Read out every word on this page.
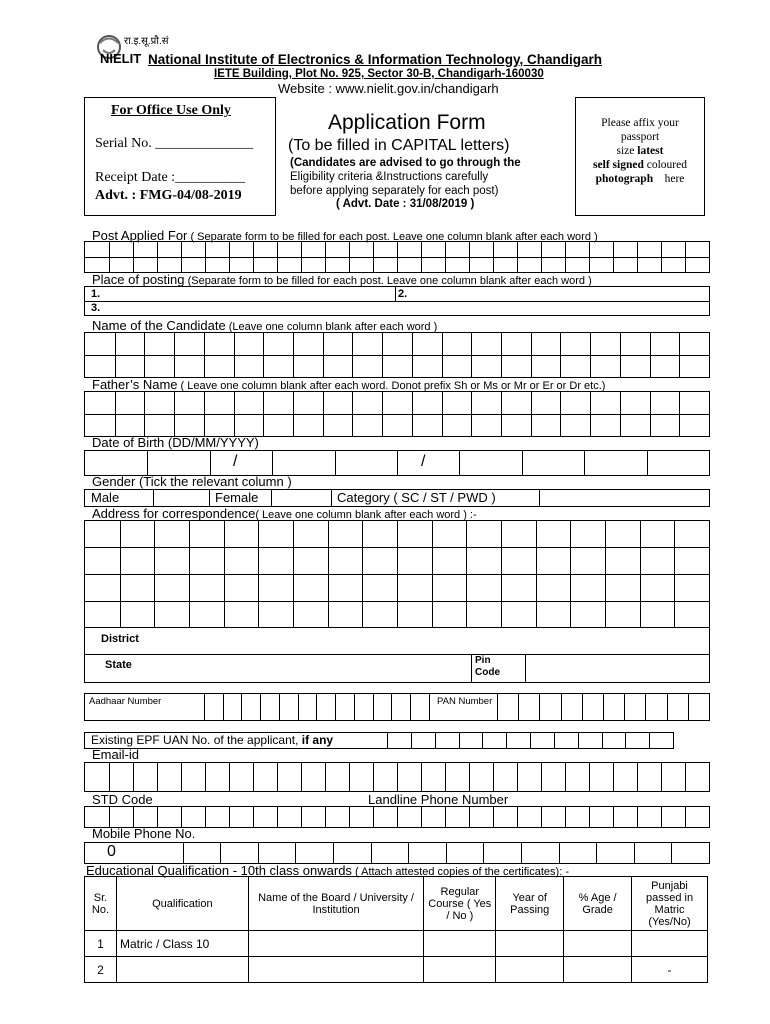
रा.इ.सू.प्रौ.सं
NIELIT National Institute of Electronics & Information Technology, Chandigarh
IETE Building, Plot No. 925, Sector 30-B, Chandigarh-160030
Website : www.nielit.gov.in/chandigarh
For Office Use Only
Serial No. ______________
Receipt Date :__________
Advt. : FMG-04/08-2019
Application Form
(To be filled in CAPITAL letters)
(Candidates are advised to go through the
Eligibility criteria &Instructions carefully
before applying separately for each post)
( Advt. Date : 31/08/2019 )
Please affix your
passport
size latest
self signed coloured
photograph here
Post Applied For ( Separate form to be filled for each post. Leave one column blank after each word )
Place of posting (Separate form to be filled for each post. Leave one column blank after each word )
1.	2.
3.
Name of the Candidate (Leave one column blank after each word )
Father’s Name ( Leave one column blank after each word. Donot prefix Sh or Ms or Mr or Er or Dr etc.)
Date of Birth (DD/MM/YYYY)
/	/
Gender (Tick the relevant column )
Male	Female	Category ( SC / ST / PWD )
Address for correspondence( Leave one column blank after each word ) :-
District
State	Pin
Code
Aadhaar Number	PAN Number
Existing EPF UAN No. of the applicant, if any
Email-id
STD Code	Landline Phone Number
Mobile Phone No.
0
Educational Qualification - 10th class onwards ( Attach attested copies of the certificates): -
Sr. No.	Qualification	Name of the Board / University / Institution	Regular Course ( Yes / No )	Year of Passing	% Age / Grade	Punjabi passed in Matric (Yes/No)
1	Matric / Class 10					
2						-
